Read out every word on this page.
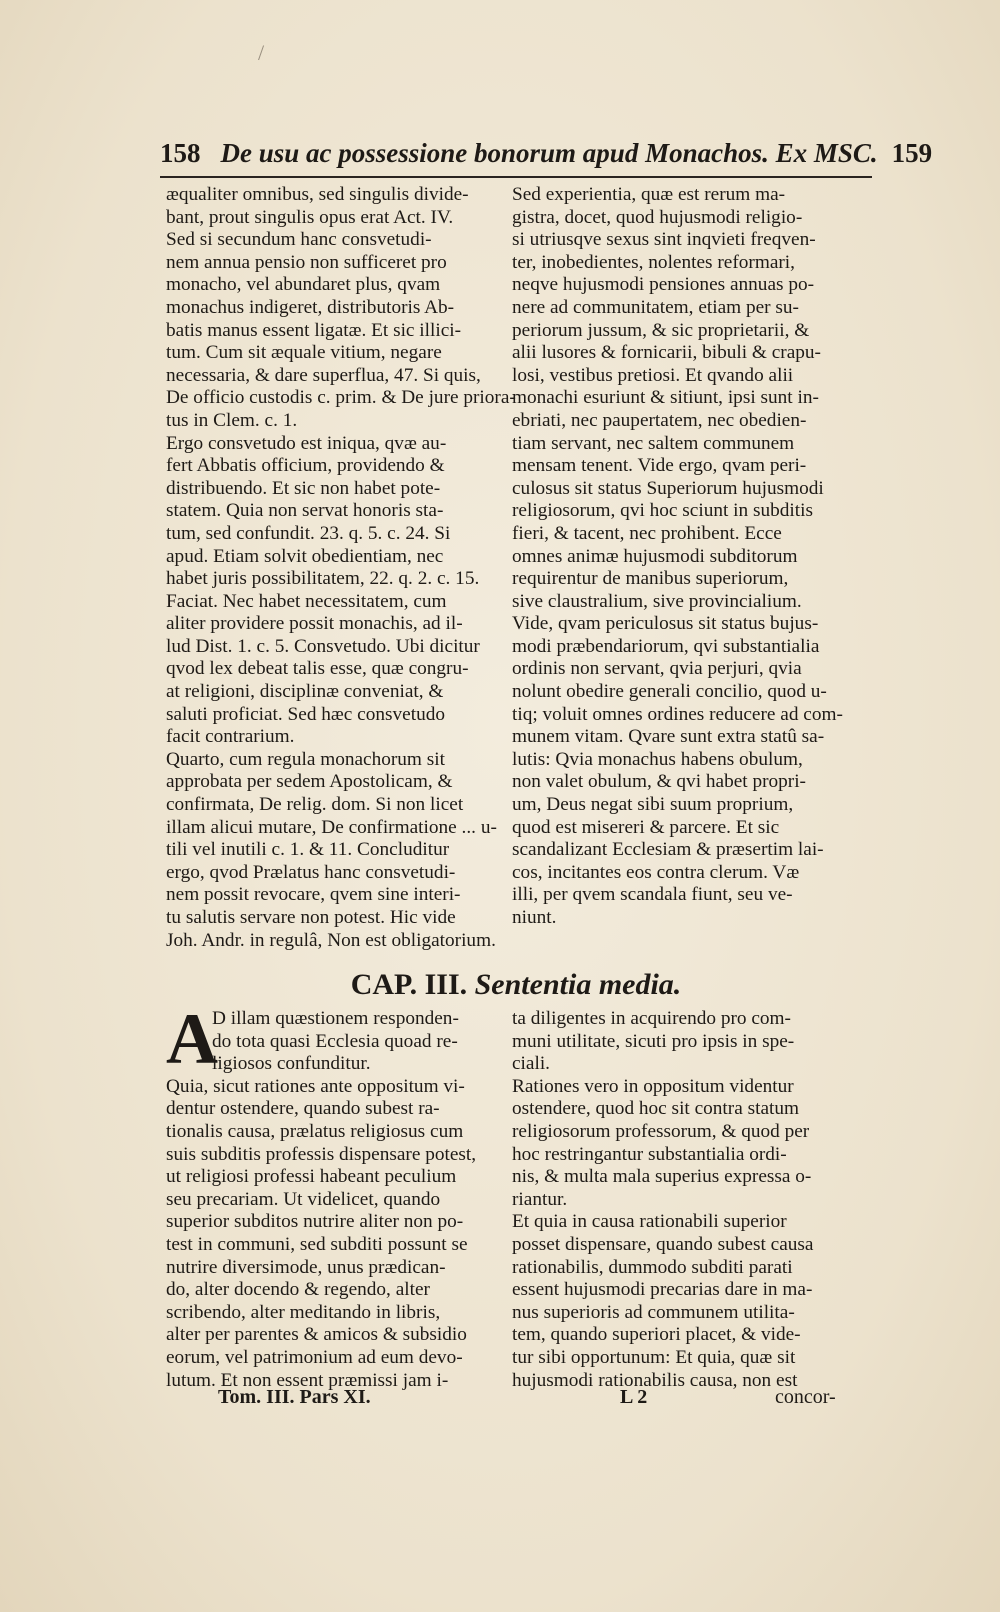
/
158 De usu ac possessione bonorum apud Monachos. Ex MSC. 159
æqualiter omnibus, sed singulis divide-
bant, prout singulis opus erat Act. IV.
Sed si secundum hanc consvetudi-
nem annua pensio non sufficeret pro
monacho, vel abundaret plus, qvam
monachus indigeret, distributoris Ab-
batis manus essent ligatæ. Et sic illici-
tum. Cum sit æquale vitium, negare
necessaria, & dare superflua, 47. Si quis,
De officio custodis c. prim. & De jure priora-
tus in Clem. c. 1.
Ergo consvetudo est iniqua, qvæ au-
fert Abbatis officium, providendo &
distribuendo. Et sic non habet pote-
statem. Quia non servat honoris sta-
tum, sed confundit. 23. q. 5. c. 24. Si
apud. Etiam solvit obedientiam, nec
habet juris possibilitatem, 22. q. 2. c. 15.
Faciat. Nec habet necessitatem, cum
aliter providere possit monachis, ad il-
lud Dist. 1. c. 5. Consvetudo. Ubi dicitur
qvod lex debeat talis esse, quæ congru-
at religioni, disciplinæ conveniat, &
saluti proficiat. Sed hæc consvetudo
facit contrarium.
Quarto, cum regula monachorum sit
approbata per sedem Apostolicam, &
confirmata, De relig. dom. Si non licet
illam alicui mutare, De confirmatione ... u-
tili vel inutili c. 1. & 11. Concluditur
ergo, qvod Prælatus hanc consvetudi-
nem possit revocare, qvem sine interi-
tu salutis servare non potest. Hic vide
Joh. Andr. in regulâ, Non est obligatorium.
Sed experientia, quæ est rerum ma-
gistra, docet, quod hujusmodi religio-
si utriusqve sexus sint inqvieti freqven-
ter, inobedientes, nolentes reformari,
neqve hujusmodi pensiones annuas po-
nere ad communitatem, etiam per su-
periorum jussum, & sic proprietarii, &
alii lusores & fornicarii, bibuli & crapu-
losi, vestibus pretiosi. Et qvando alii
monachi esuriunt & sitiunt, ipsi sunt in-
ebriati, nec paupertatem, nec obedien-
tiam servant, nec saltem communem
mensam tenent. Vide ergo, qvam peri-
culosus sit status Superiorum hujusmodi
religiosorum, qvi hoc sciunt in subditis
fieri, & tacent, nec prohibent. Ecce
omnes animæ hujusmodi subditorum
requirentur de manibus superiorum,
sive claustralium, sive provincialium.
Vide, qvam periculosus sit status bujus-
modi præbendariorum, qvi substantialia
ordinis non servant, qvia perjuri, qvia
nolunt obedire generali concilio, quod u-
tiq; voluit omnes ordines reducere ad com-
munem vitam. Qvare sunt extra statû sa-
lutis: Qvia monachus habens obulum,
non valet obulum, & qvi habet propri-
um, Deus negat sibi suum proprium,
quod est misereri & parcere. Et sic
scandalizant Ecclesiam & præsertim lai-
cos, incitantes eos contra clerum. Væ
illi, per qvem scandala fiunt, seu ve-
niunt.
CAP. III. Sententia media.
A
D illam quæstionem responden-
do tota quasi Ecclesia quoad re-
ligiosos confunditur.
Quia, sicut rationes ante oppositum vi-
dentur ostendere, quando subest ra-
tionalis causa, prælatus religiosus cum
suis subditis professis dispensare potest,
ut religiosi professi habeant peculium
seu precariam. Ut videlicet, quando
superior subditos nutrire aliter non po-
test in communi, sed subditi possunt se
nutrire diversimode, unus prædican-
do, alter docendo & regendo, alter
scribendo, alter meditando in libris,
alter per parentes & amicos & subsidio
eorum, vel patrimonium ad eum devo-
lutum. Et non essent præmissi jam i-
ta diligentes in acquirendo pro com-
muni utilitate, sicuti pro ipsis in spe-
ciali.
Rationes vero in oppositum videntur
ostendere, quod hoc sit contra statum
religiosorum professorum, & quod per
hoc restringantur substantialia ordi-
nis, & multa mala superius expressa o-
riantur.
Et quia in causa rationabili superior
posset dispensare, quando subest causa
rationabilis, dummodo subditi parati
essent hujusmodi precarias dare in ma-
nus superioris ad communem utilita-
tem, quando superiori placet, & vide-
tur sibi opportunum: Et quia, quæ sit
hujusmodi rationabilis causa, non est
Tom. III. Pars XI.	L 2	concor-
